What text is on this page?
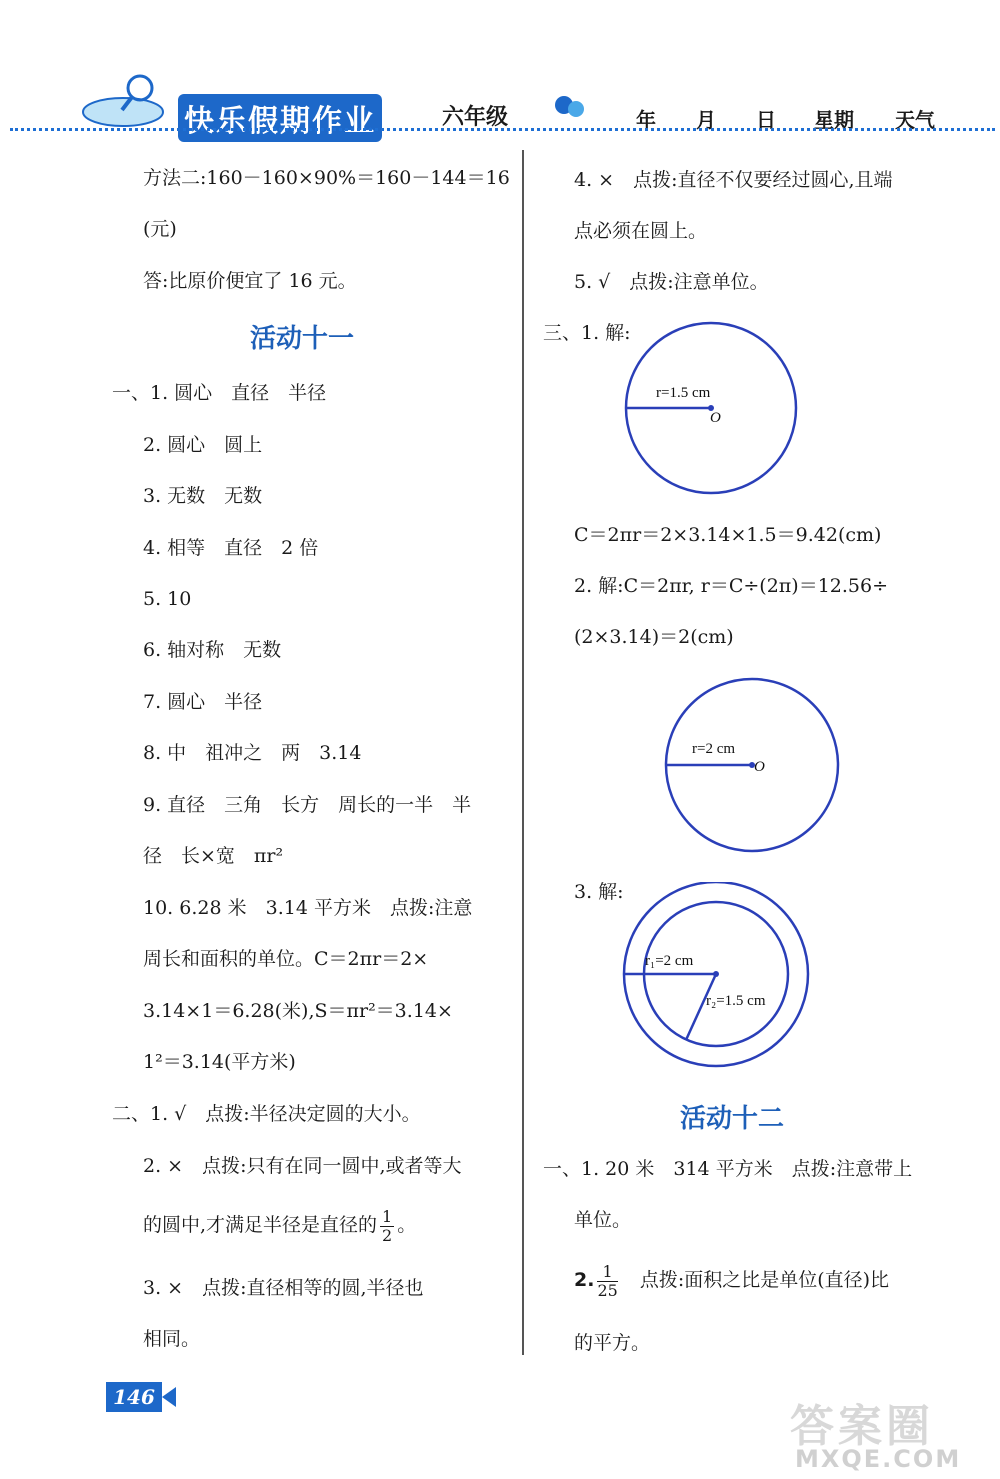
快乐假期作业	六年级	年 月 日 星期 天气
方法二:160－160×90%＝160－144＝16
(元)
答:比原价便宜了 16 元。
活动十一
一、1. 圆心　直径　半径
2. 圆心　圆上
3. 无数　无数
4. 相等　直径　2 倍
5. 10
6. 轴对称　无数
7. 圆心　半径
8. 中　祖冲之　两　3.14
9. 直径　三角　长方　周长的一半　半
径　长×宽　πr²
10. 6.28 米　3.14 平方米　点拨:注意
周长和面积的单位。C＝2πr＝2×
3.14×1＝6.28(米),S＝πr²＝3.14×
1²＝3.14(平方米)
二、1. √　点拨:半径决定圆的大小。
2. ×　点拨:只有在同一圆中,或者等大
的圆中,才满足半径是直径的 $\frac{1}{2}$ 。
3. ×　点拨:直径相等的圆,半径也
相同。
4. ×　点拨:直径不仅要经过圆心,且端
点必须在圆上。
5. √　点拨:注意单位。
三、1. 解:
r=1.5 cm
O
C＝2πr＝2×3.14×1.5＝9.42(cm)
2. 解:C＝2πr, r＝C÷(2π)＝12.56÷
(2×3.14)＝2(cm)
r=2 cm
O
3. 解:
r₁=2 cm
r₂=1.5 cm
活动十二
一、1. 20 米　314 平方米　点拨:注意带上
单位。
2. $\frac{1}{25}$
　 点拨:面积之比是单位(直径)比
的平方。
146
答案圈
MXQE.COM
